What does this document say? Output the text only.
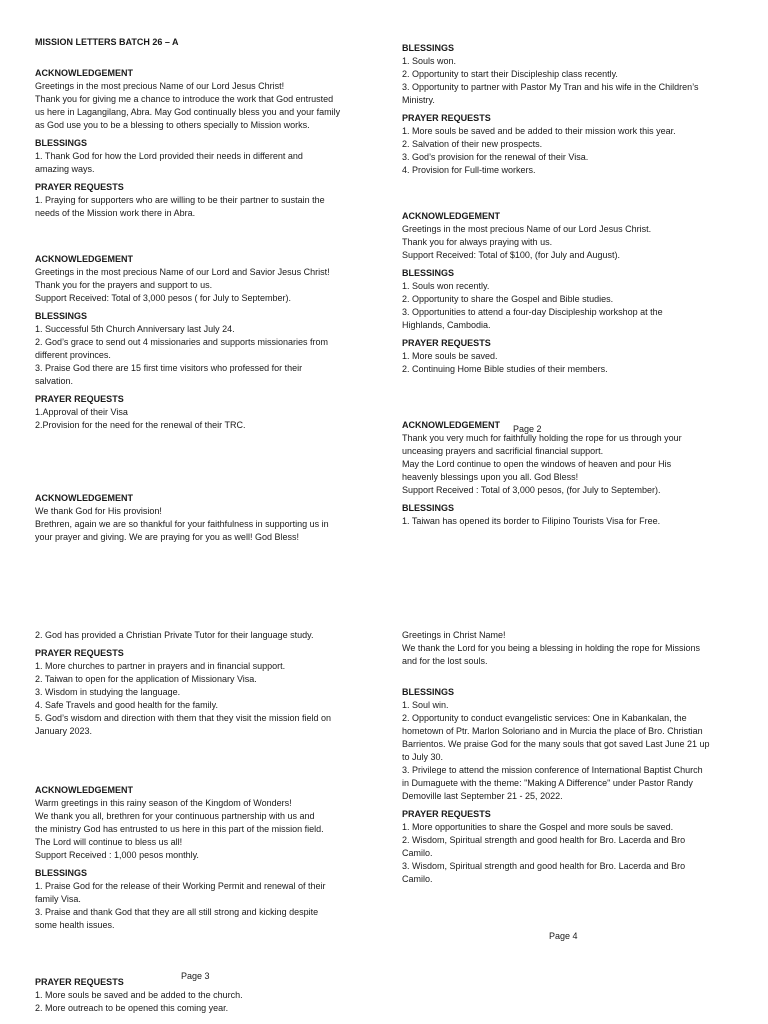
MISSION LETTERS BATCH 26 – A
ACKNOWLEDGEMENT
Greetings in the most precious Name of our Lord Jesus Christ!
Thank you for giving me a chance to introduce the work that God entrusted
us here in Lagangilang, Abra. May God continually bless you and your family
as God use you to be a blessing to others specially to Mission works.
BLESSINGS
1. Thank God for how the Lord provided their needs in different and
amazing ways.
PRAYER REQUESTS
1. Praying for supporters who are willing to be their partner to sustain the
needs of the Mission work there in Abra.
ACKNOWLEDGEMENT
Greetings in the most precious Name of our Lord and Savior Jesus Christ!
Thank you for the prayers and support to us.
Support Received: Total of 3,000 pesos ( for July to September).
BLESSINGS
1. Successful 5th Church Anniversary last July 24.
2. God’s grace to send out 4 missionaries and supports missionaries from
different provinces.
3. Praise God there are 15 first time visitors who professed for their
salvation.
PRAYER REQUESTS
1.Approval of their Visa
2.Provision for the need for the renewal of their TRC.
ACKNOWLEDGEMENT
We thank God for His provision!
Brethren, again we are so thankful for your faithfulness in supporting us in
your prayer and giving. We are praying for you as well! God Bless!
BLESSINGS
1. Souls won.
2. Opportunity to start their Discipleship class recently.
3. Opportunity to partner with Pastor My Tran and his wife in the Children’s
Ministry.
PRAYER REQUESTS
1. More souls be saved and be added to their mission work this year.
2. Salvation of their new prospects.
3. God’s provision for the renewal of their Visa.
4. Provision for Full-time workers.
ACKNOWLEDGEMENT
Greetings in the most precious Name of our Lord Jesus Christ.
Thank you for always praying with us.
Support Received: Total of $100, (for July and August).
BLESSINGS
1. Souls won recently.
2. Opportunity to share the Gospel and Bible studies.
3. Opportunities to attend a four-day Discipleship workshop at the
Highlands, Cambodia.
PRAYER REQUESTS
1. More souls be saved.
2. Continuing Home Bible studies of their members.
ACKNOWLEDGEMENT
Thank you very much for faithfully holding the rope for us through your
unceasing prayers and sacrificial financial support.
May the Lord continue to open the windows of heaven and pour His
heavenly blessings upon you all. God Bless!
Support Received : Total of 3,000 pesos, (for July to September).
BLESSINGS
1. Taiwan has opened its border to Filipino Tourists Visa for Free.
2. God has provided a Christian Private Tutor for their language study.
PRAYER REQUESTS
1. More churches to partner in prayers and in financial support.
2. Taiwan to open for the application of Missionary Visa.
3. Wisdom in studying the language.
4. Safe Travels and good health for the family.
5. God’s wisdom and direction with them that they visit the mission field on
January 2023.
ACKNOWLEDGEMENT
Warm greetings in this rainy season of the Kingdom of Wonders!
We thank you all, brethren for your continuous partnership with us and
the ministry God has entrusted to us here in this part of the mission field.
The Lord will continue to bless us all!
Support Received : 1,000 pesos monthly.
BLESSINGS
1. Praise God for the release of their Working Permit and renewal of their
family Visa.
3. Praise and thank God that they are all still strong and kicking despite
some health issues.
PRAYER REQUESTS
1. More souls be saved and be added to the church.
2. More outreach to be opened this coming year.
Greetings in Christ Name!
We thank the Lord for you being a blessing in holding the rope for Missions
and for the lost souls.
BLESSINGS
1. Soul win.
2. Opportunity to conduct evangelistic services: One in Kabankalan, the
hometown of Ptr. Marlon Soloriano and in Murcia the place of Bro. Christian
Barrientos. We praise God for the many souls that got saved Last June 21 up
to July 30.
3. Privilege to attend the mission conference of International Baptist Church
in Dumaguete with the theme: "Making A Difference" under Pastor Randy
Demoville last September 21 - 25, 2022.
PRAYER REQUESTS
1. More opportunities to share the Gospel and more souls be saved.
2. Wisdom, Spiritual strength and good health for Bro. Lacerda and Bro
Camilo.
3. Wisdom, Spiritual strength and good health for Bro. Lacerda and Bro
Camilo.
Page 2
Page 4
Page 3
